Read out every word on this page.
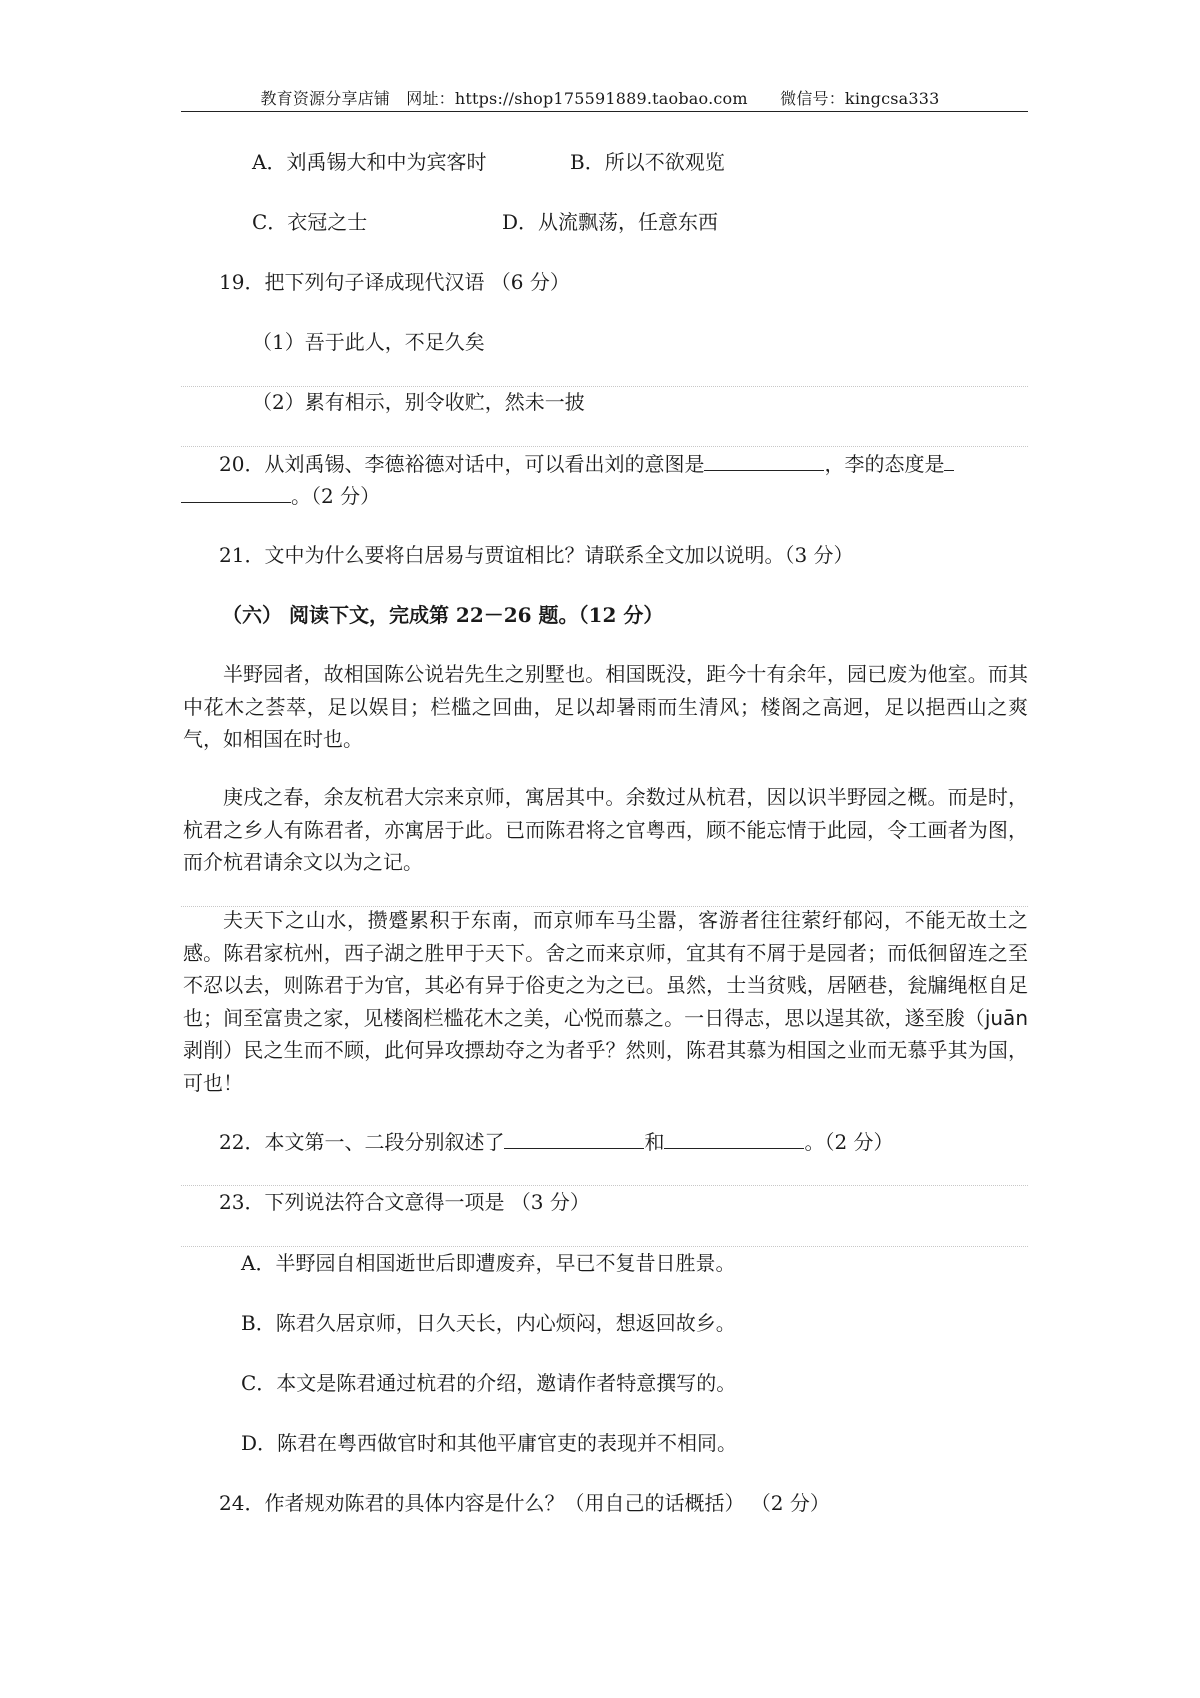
教育资源分享店铺　网址：https://shop175591889.taobao.com　　微信号：kingcsa333
A．刘禹锡大和中为宾客时	B．所以不欲观览
C．衣冠之士	D．从流飘荡，任意东西
19．把下列句子译成现代汉语 （6 分）
（1）吾于此人，不足久矣
（2）累有相示，别令收贮，然未一披
20．从刘禹锡、李德裕德对话中，可以看出刘的意图是	，李的态度是
。（2 分）
21．文中为什么要将白居易与贾谊相比？请联系全文加以说明。（3 分）
（六） 阅读下文，完成第 22－26 题。（12 分）
半野园者，故相国陈公说岩先生之别墅也。相国既没，距今十有余年，园已废为他室。而其中花木之荟萃，足以娱目；栏槛之回曲，足以却暑雨而生清风；楼阁之高迥，足以挹西山之爽气，如相国在时也。
庚戌之春，余友杭君大宗来京师，寓居其中。余数过从杭君，因以识半野园之概。而是时，杭君之乡人有陈君者，亦寓居于此。已而陈君将之官粤西，顾不能忘情于此园，令工画者为图，而介杭君请余文以为之记。
夫天下之山水，攒蹙累积于东南，而京师车马尘嚣，客游者往往萦纡郁闷，不能无故土之感。陈君家杭州，西子湖之胜甲于天下。舍之而来京师，宜其有不屑于是园者；而低徊留连之至不忍以去，则陈君于为官，其必有异于俗吏之为之已。虽然，士当贫贱，居陋巷，瓮牖绳枢自足也；间至富贵之家，见楼阁栏槛花木之美，心悦而慕之。一日得志，思以逞其欲，遂至朘（juān 剥削）民之生而不顾，此何异攻摽劫夺之为者乎？然则，陈君其慕为相国之业而无慕乎其为国，可也！
22．本文第一、二段分别叙述了	和	。（2 分）
23．下列说法符合文意得一项是 （3 分）
A．半野园自相国逝世后即遭废弃，早已不复昔日胜景。
B．陈君久居京师，日久天长，内心烦闷，想返回故乡。
C．本文是陈君通过杭君的介绍，邀请作者特意撰写的。
D．陈君在粤西做官时和其他平庸官吏的表现并不相同。
24．作者规劝陈君的具体内容是什么？（用自己的话概括） （2 分）
